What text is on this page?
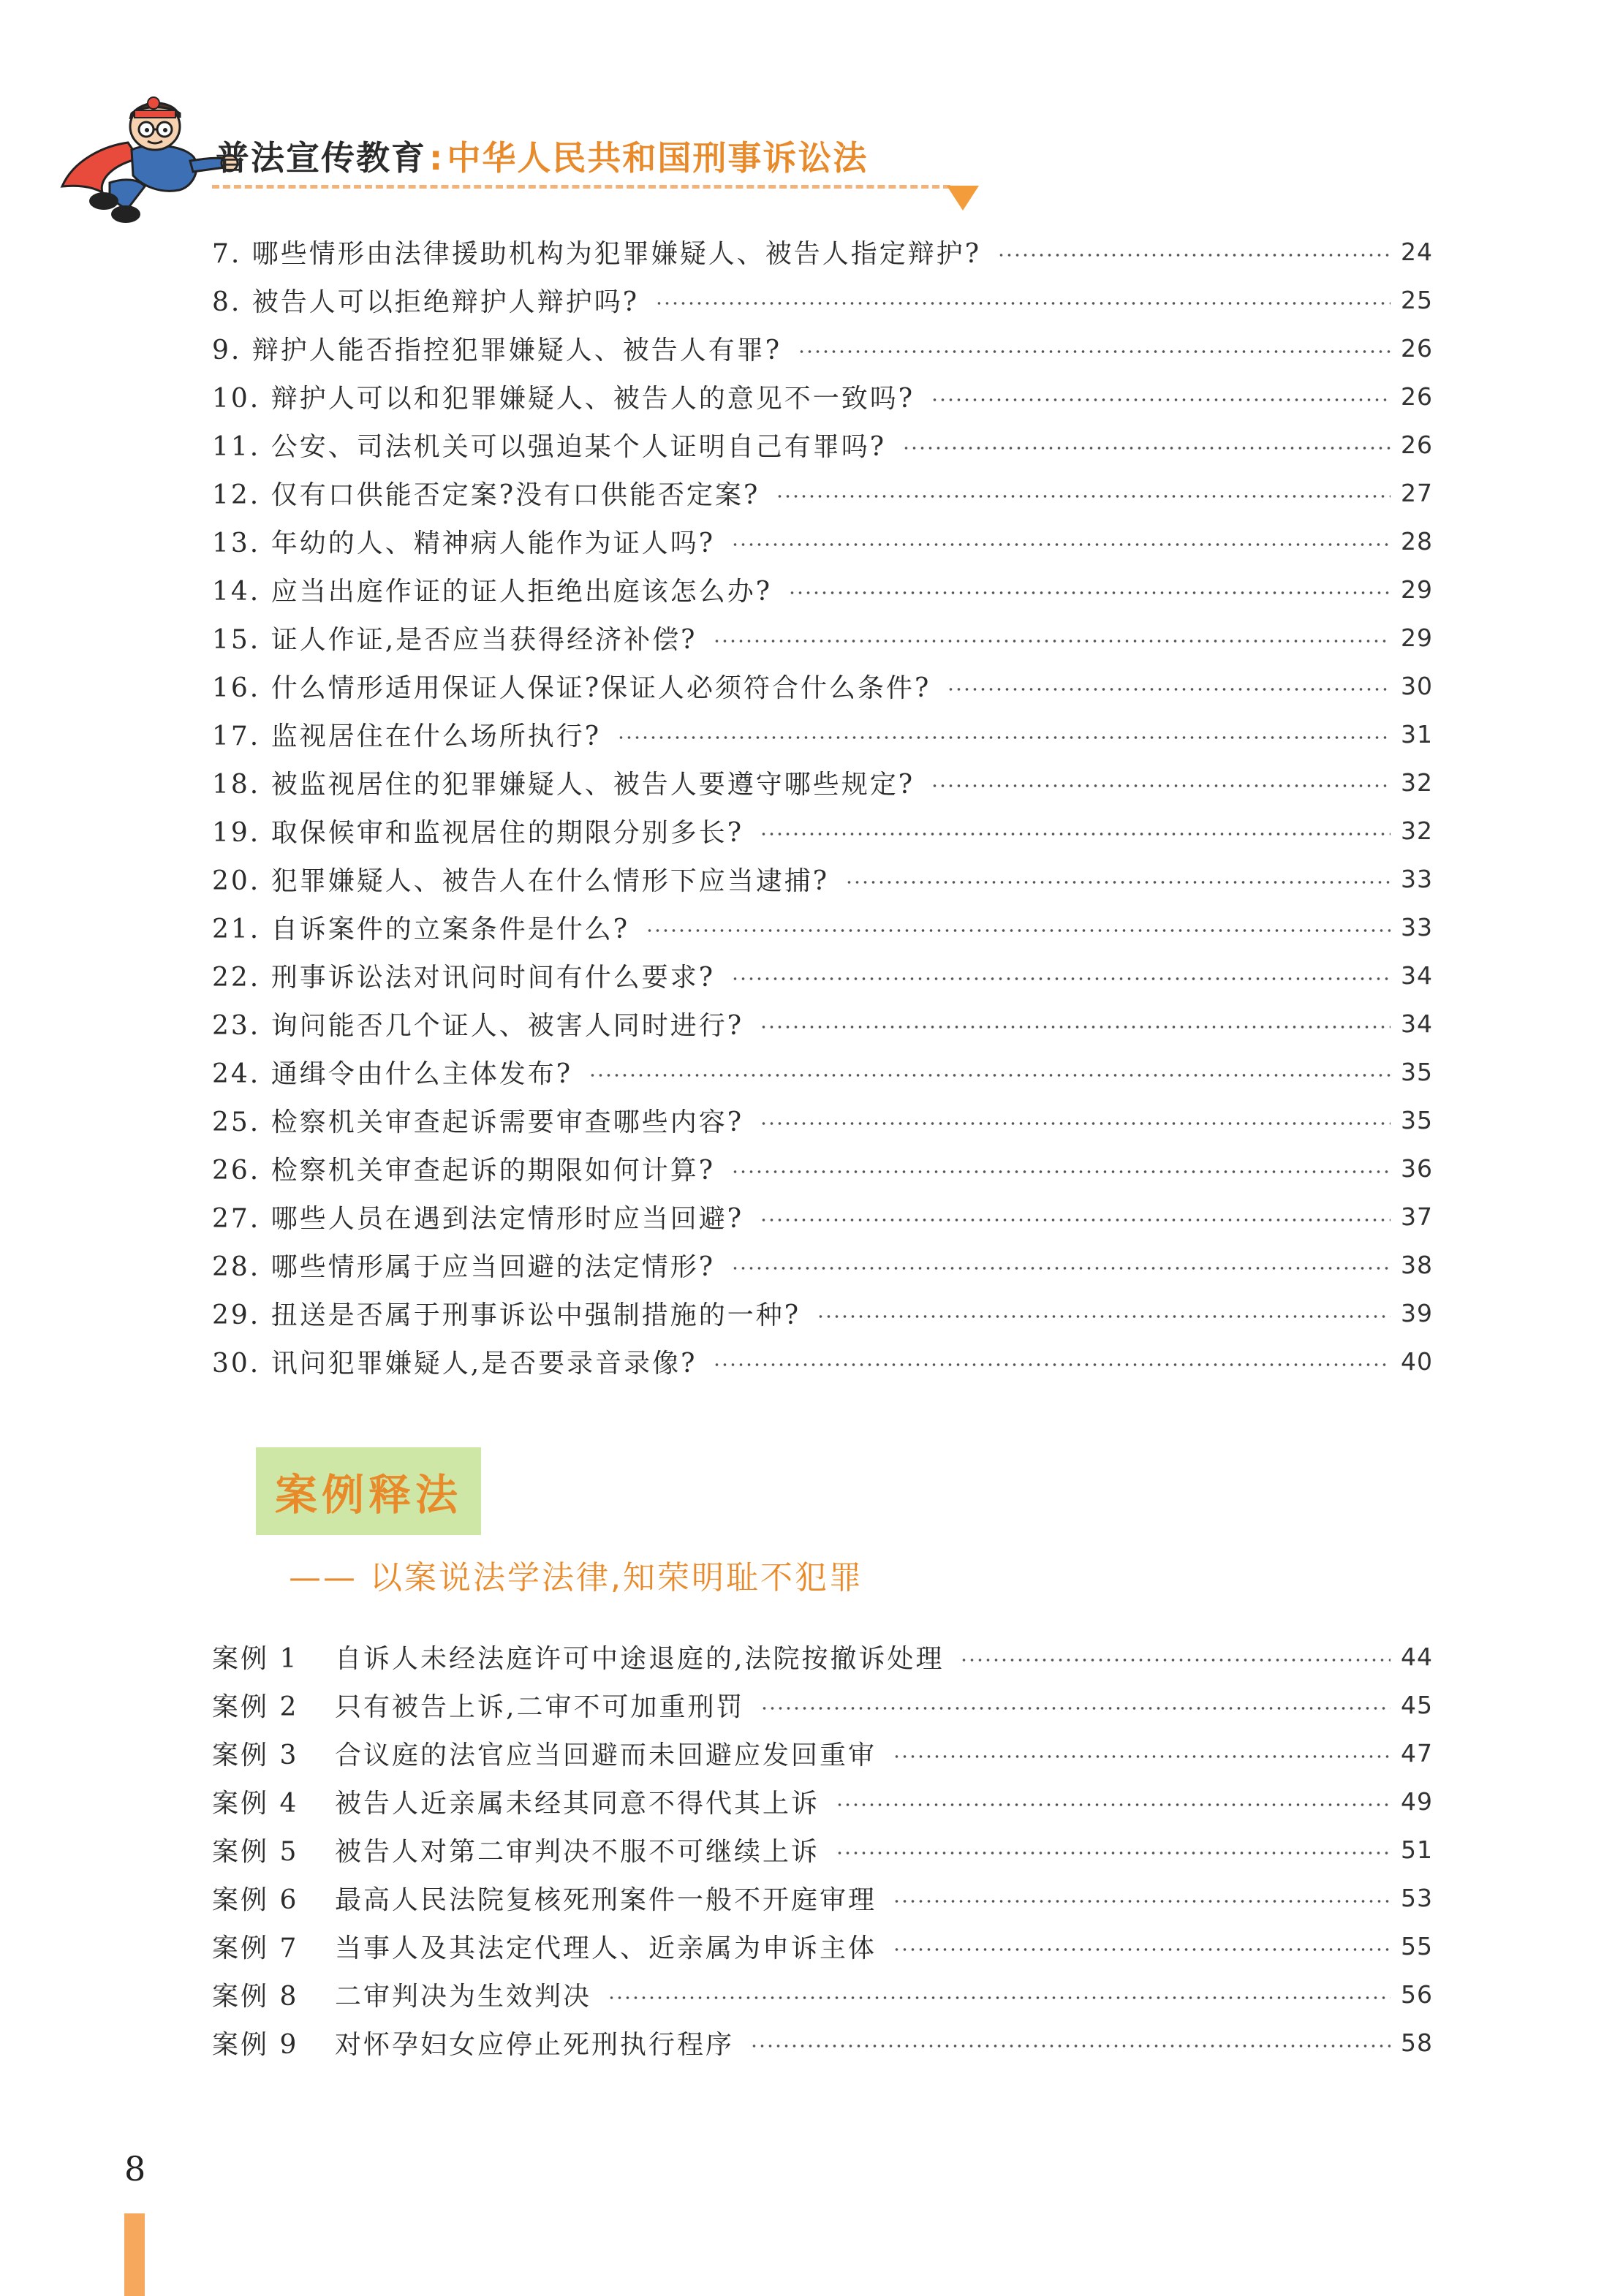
普法宣传教育:中华人民共和国刑事诉讼法
7. 哪些情形由法律援助机构为犯罪嫌疑人、被告人指定辩护?	24
8. 被告人可以拒绝辩护人辩护吗?	25
9. 辩护人能否指控犯罪嫌疑人、被告人有罪?	26
10. 辩护人可以和犯罪嫌疑人、被告人的意见不一致吗?	26
11. 公安、司法机关可以强迫某个人证明自己有罪吗?	26
12. 仅有口供能否定案?没有口供能否定案?	27
13. 年幼的人、精神病人能作为证人吗?	28
14. 应当出庭作证的证人拒绝出庭该怎么办?	29
15. 证人作证,是否应当获得经济补偿?	29
16. 什么情形适用保证人保证?保证人必须符合什么条件?	30
17. 监视居住在什么场所执行?	31
18. 被监视居住的犯罪嫌疑人、被告人要遵守哪些规定?	32
19. 取保候审和监视居住的期限分别多长?	32
20. 犯罪嫌疑人、被告人在什么情形下应当逮捕?	33
21. 自诉案件的立案条件是什么?	33
22. 刑事诉讼法对讯问时间有什么要求?	34
23. 询问能否几个证人、被害人同时进行?	34
24. 通缉令由什么主体发布?	35
25. 检察机关审查起诉需要审查哪些内容?	35
26. 检察机关审查起诉的期限如何计算?	36
27. 哪些人员在遇到法定情形时应当回避?	37
28. 哪些情形属于应当回避的法定情形?	38
29. 扭送是否属于刑事诉讼中强制措施的一种?	39
30. 讯问犯罪嫌疑人,是否要录音录像?	40
案例释法
—— 以案说法学法律,知荣明耻不犯罪
案例 1 自诉人未经法庭许可中途退庭的,法院按撤诉处理	44
案例 2 只有被告上诉,二审不可加重刑罚	45
案例 3 合议庭的法官应当回避而未回避应发回重审	47
案例 4 被告人近亲属未经其同意不得代其上诉	49
案例 5 被告人对第二审判决不服不可继续上诉	51
案例 6 最高人民法院复核死刑案件一般不开庭审理	53
案例 7 当事人及其法定代理人、近亲属为申诉主体	55
案例 8 二审判决为生效判决	56
案例 9 对怀孕妇女应停止死刑执行程序	58
8
